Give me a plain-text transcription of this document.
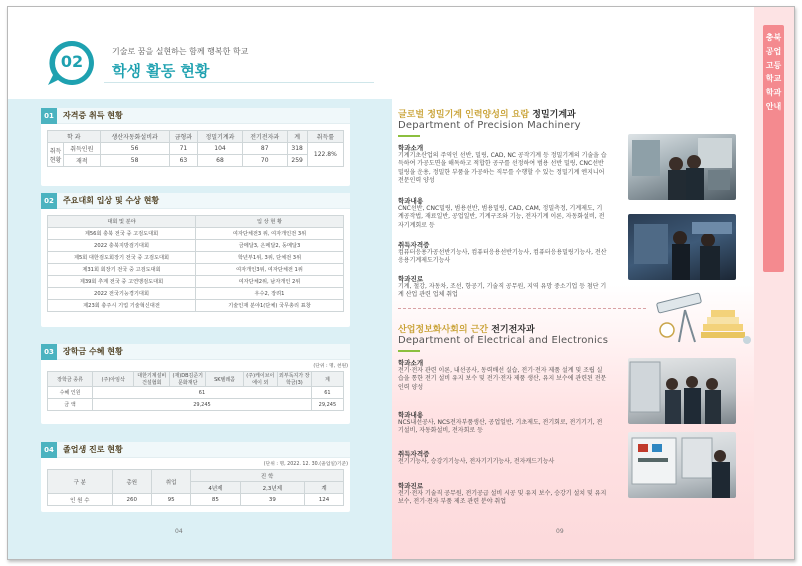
02
기술로 꿈을 실현하는 함께 행복한 학교
학생 활동 현황
01	자격증 취득 현황
학 과		생산자동화설비과	금형과	정밀기계과	전기전자과	계	취득률
취득
현황	취득인원	56	71	104	87	318	122.8%
	재적	58	63	68	70	259	
02	주요대회 입상 및 수상 현황
대회 및 분야	입 상 현 황
제56회 충북 전국 중 고검도대회	여자단체전3 위, 여자개인전 3위
2022 충북지방검기대회	금메달3, 은메달2, 동메달3
제5회 대한검도회장기 전국 중 고검도대회	학년부1위, 3위, 단체전 3위
제31회 회장기 전국 중 고검도대회	여자개인3위, 여자단체전 1위
제39회 추계 전국 중 고연맹검도대회	여자단체2위, 남자개인 2위
2022 전국기능경기대회	우수2, 장려1
제23회 충주시 기업 기술혁신대전	기술인재 분야1(단체) 국무총리 표창
03	장학금 수혜 현황
(단위 : 명, 천원)
장학금 종류	(주)아임삭	대한기계설비건설협회	(재)DB김준기문화재단	SK텔레콤	(주)케이브이에이 외	외부독지가 장학금(3)	계
수혜 인원	61						61
금 액	29,245						29,245
04	졸업생 진로 현황
(단위 : 명, 2022. 12. 30.(졸업일)기준)
구 분	총원	취업	진 학		
			4년제	2,3년제	계
인 원 수	260	95	85	39	124
04
충북공업고등학교학과안내
글로벌 정밀기계 인력양성의 요람 정밀기계과
Department of Precision Machinery
학과소개
기계기초산업의 주역인 선반, 밀링, CAD, NC 공작기계 등 정밀기계의 기술을 습득하여 가공도면을 해독하고 적합한 공구를 선정하여 범용 선반 밀링, CNC선반 밀링을 운용, 정밀한 부품을 가공하는 직무를 수행할 수 있는 정밀기계 엔지니어 전문인력 양성
학과내용
CNC선반, CNC밀링, 범용선반, 범용밀링, CAD, CAM, 정밀측정, 기계제도, 기계공작법, 재료일반, 공업일반, 기계구조와 기능, 전자기계 이론, 자동화설비, 전자기계회로 등
취득자격증
컴퓨터응용가공선반기능사, 컴퓨터응용선반기능사, 컴퓨터응용밀링기능사, 전산응용기계제도기능사
학과진로
기계, 철강, 자동차, 조선, 항공기, 기술직 공무원, 지역 유망 중소기업 등 첨단 기계 산업 관련 업체 취업
산업정보화사회의 근간 전기전자과
Department of Electrical and Electronics
학과소개
전기·전자 관련 이론, 내선공사, 동력배선 실습, 전기·전자 제품 설계 및 조립 실습을 통한 전기 설비 유지 보수 및 전기·전자 제품 생산, 유지 보수에 관련된 전문인력 양성
학과내용
NCS내선공사, NCS전자부품생산, 공업일반, 기초제도, 전기회로, 전기기기, 전기설비, 자동화설비, 전자회로 등
취득자격증
전기기능사, 승강기기능사, 전자기기기능사, 전자캐드기능사
학과진로
전기·전자 기술직 공무원, 전기공급 설비 시공 및 유지 보수, 승강기 설치 및 유지 보수, 전기·전자 부품 제조 관련 분야 취업
09
